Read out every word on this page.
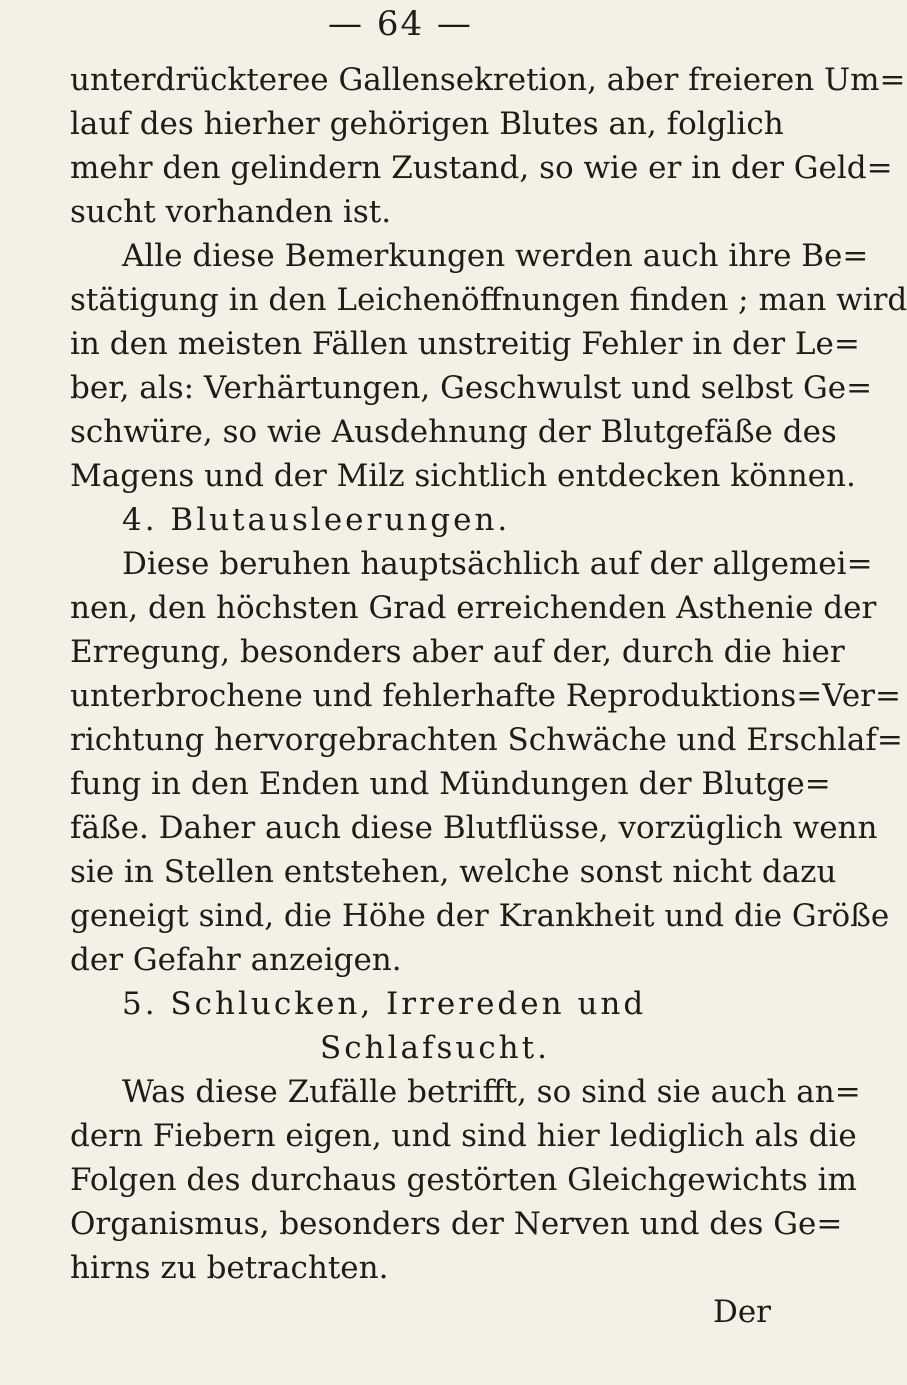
— 64 —
unterdrückteree Gallensekretion, aber freieren Um=
lauf des hierher gehörigen Blutes an, folglich
mehr den gelindern Zustand, so wie er in der Geld=
sucht vorhanden ist.
Alle diese Bemerkungen werden auch ihre Be=
stätigung in den Leichenöffnungen finden ; man wird
in den meisten Fällen unstreitig Fehler in der Le=
ber, als: Verhärtungen, Geschwulst und selbst Ge=
schwüre, so wie Ausdehnung der Blutgefäße des
Magens und der Milz sichtlich entdecken können.
4. Blutausleerungen.
Diese beruhen hauptsächlich auf der allgemei=
nen, den höchsten Grad erreichenden Asthenie der
Erregung, besonders aber auf der, durch die hier
unterbrochene und fehlerhafte Reproduktions=Ver=
richtung hervorgebrachten Schwäche und Erschlaf=
fung in den Enden und Mündungen der Blutge=
fäße. Daher auch diese Blutflüsse, vorzüglich wenn
sie in Stellen entstehen, welche sonst nicht dazu
geneigt sind, die Höhe der Krankheit und die Größe
der Gefahr anzeigen.
5. Schlucken, Irrereden und
Schlafsucht.
Was diese Zufälle betrifft, so sind sie auch an=
dern Fiebern eigen, und sind hier lediglich als die
Folgen des durchaus gestörten Gleichgewichts im
Organismus, besonders der Nerven und des Ge=
hirns zu betrachten.
Der
